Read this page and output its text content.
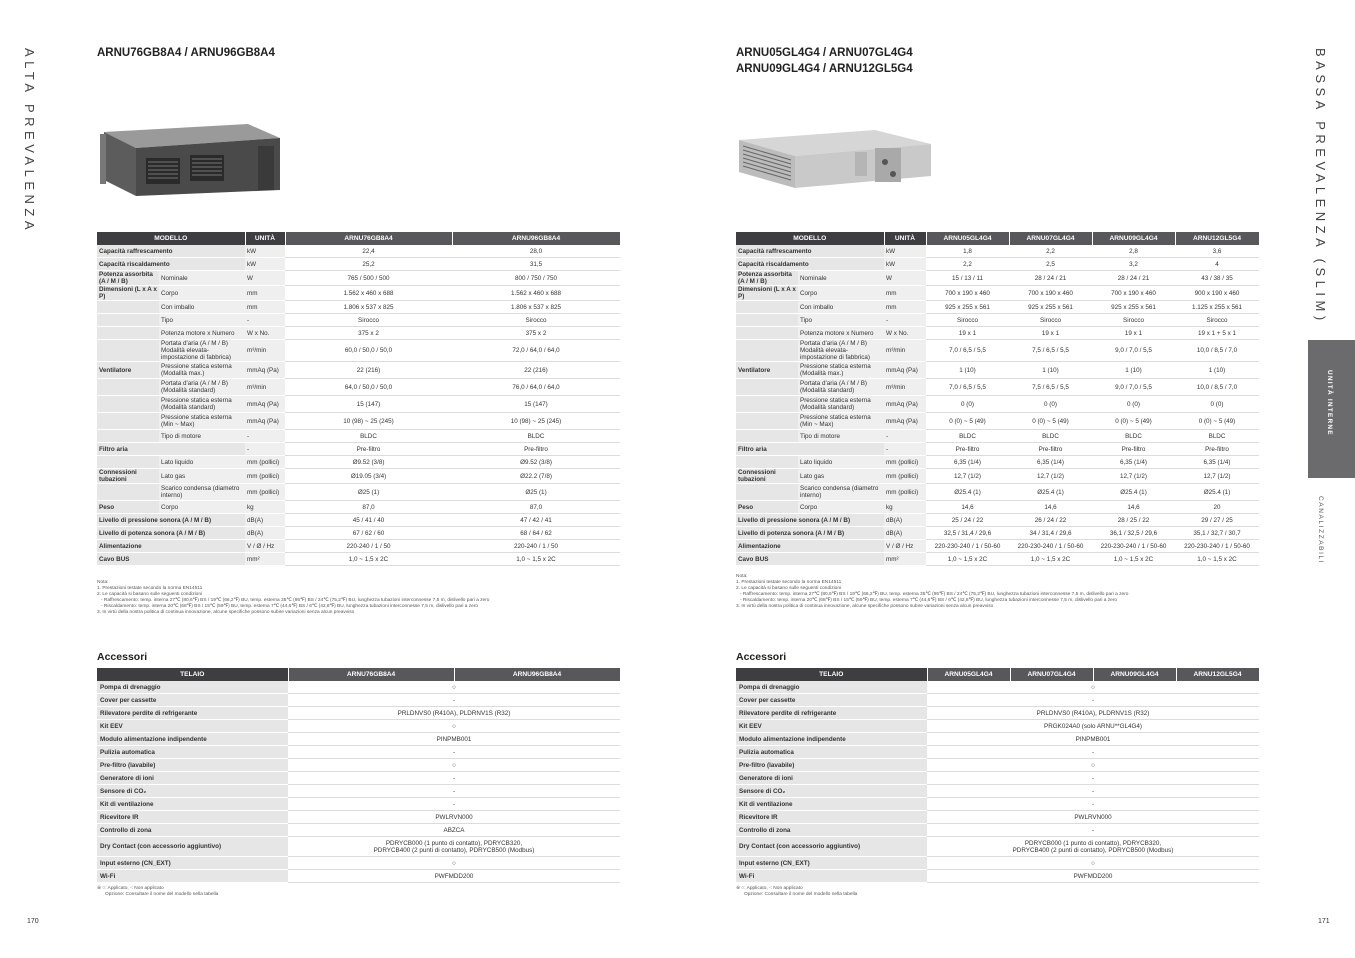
ALTA PREVALENZA	ARNU76GB8A4 / ARNU96GB8A4
MODELLO		UNITÀ	ARNU76GB8A4	ARNU96GB8A4
Capacità raffrescamento		kW	22,4	28,0
Capacità riscaldamento		kW	25,2	31,5
Potenza assorbita (A / M / B)	Nominale	W	765 / 500 / 500	800 / 750 / 750
Dimensioni (L x A x P)	Corpo	mm	1.562 x 460 x 688	1.562 x 460 x 688
	Con imballo	mm	1.806 x 537 x 825	1.806 x 537 x 825
	Tipo	-	Sirocco	Sirocco
	Potenza motore x Numero	W x No.	375 x 2	375 x 2
	Portata d'aria (A / M / B) Modalità elevata-impostazione di fabbrica)	m³/min	60,0 / 50,0 / 50,0	72,0 / 64,0 / 64,0
Ventilatore	Pressione statica esterna (Modalità max.)	mmAq (Pa)	22 (216)	22 (216)
	Portata d'aria (A / M / B) (Modalità standard)	m³/min	64,0 / 50,0 / 50,0	76,0 / 64,0 / 64,0
	Pressione statica esterna (Modalità standard)	mmAq (Pa)	15 (147)	15 (147)
	Pressione statica esterna (Min ~ Max)	mmAq (Pa)	10 (98) ~ 25 (245)	10 (98) ~ 25 (245)
	Tipo di motore	-	BLDC	BLDC
Filtro aria		-	Pre-filtro	Pre-filtro
	Lato liquido	mm (pollici)	Ø9.52 (3/8)	Ø9.52 (3/8)
Connessioni tubazioni	Lato gas	mm (pollici)	Ø19.05 (3/4)	Ø22.2 (7/8)
	Scarico condensa (diametro interno)	mm (pollici)	Ø25 (1)	Ø25 (1)
Peso	Corpo	kg	87,0	87,0
Livello di pressione sonora (A / M / B)		dB(A)	45 / 41 / 40	47 / 42 / 41
Livello di potenza sonora (A / M / B)		dB(A)	67 / 62 / 60	68 / 64 / 62
Alimentazione		V / Ø / Hz	220-240 / 1 / 50	220-240 / 1 / 50
Cavo BUS		mm²	1,0 ~ 1,5 x 2C	1,0 ~ 1,5 x 2C
Nota:
1. Prestazioni testate secondo la norma EN14511
2. Le capacità si basano sulle seguenti condizioni
- Raffrescamento: temp. interna 27℃ (80,6℉) BS / 19℃ (66,2℉) BU, temp. esterna 35℃ (95℉) BS / 24℃ (75,2℉) BU, lunghezza tubazioni interconnesse 7,5 m, dislivello pari a zero
- Riscaldamento: temp. interna 20℃ (68℉) BS / 15℃ (59℉) BU, temp. esterna 7℃ (44,6℉) BS / 6℃ (42,8℉) BU, lunghezza tubazioni interconnesse 7,5 m, dislivello pari a zero
3. In virtù della nostra politica di continua innovazione, alcune specifiche possono subire variazioni senza alcun preavviso
Accessori
TELAIO	ARNU76GB8A4	ARNU96GB8A4
Pompa di drenaggio	○	

Cover per cassette	-	

Rilevatore perdite di refrigerante	PRLDNVS0 (R410A), PLDRNV1S (R32)	

Kit EEV	○	

Modulo alimentazione indipendente	PINPMB001	

Pulizia automatica	-	

Pre-filtro (lavabile)	○	

Generatore di ioni	-	

Sensore di CO₂	-	

Kit di ventilazione	-	

Ricevitore IR	PWLRVN000	

Controllo di zona	ABZCA	

Dry Contact (con accessorio aggiuntivo)	PDRYCB000 (1 punto di contatto), PDRYCB320,
PDRYCB400 (2 punti di contatto), PDRYCB500 (Modbus)	

Input esterno (CN_EXT)	○	

Wi-Fi	PWFMDD200	
※ ○: Applicato, -: Non applicato
Opzione: Consultare il nome del modello nella tabella
170
ARNU05GL4G4 / ARNU07GL4G4
ARNU09GL4G4 / ARNU12GL5G4	BASSA PREVALENZA (SLIM)
UNITÀ INTERNE
CANALIZZABILI
MODELLO		UNITÀ	ARNU05GL4G4	ARNU07GL4G4	ARNU09GL4G4	ARNU12GL5G4
Capacità raffrescamento		kW	1,8	2,2	2,8	3,6
Capacità riscaldamento		kW	2,2	2,5	3,2	4
Potenza assorbita (A / M / B)	Nominale	W	15 / 13 / 11	28 / 24 / 21	28 / 24 / 21	43 / 38 / 35
Dimensioni (L x A x P)	Corpo	mm	700 x 190 x 460	700 x 190 x 460	700 x 190 x 460	900 x 190 x 460
	Con imballo	mm	925 x 255 x 561	925 x 255 x 561	925 x 255 x 561	1.125 x 255 x 561
	Tipo	-	Sirocco	Sirocco	Sirocco	Sirocco
	Potenza motore x Numero	W x No.	19 x 1	19 x 1	19 x 1	19 x 1 + 5 x 1
	Portata d'aria (A / M / B) Modalità elevata-impostazione di fabbrica)	m³/min	7,0 / 6,5 / 5,5	7,5 / 6,5 / 5,5	9,0 / 7,0 / 5,5	10,0 / 8,5 / 7,0
Ventilatore	Pressione statica esterna (Modalità max.)	mmAq (Pa)	1 (10)	1 (10)	1 (10)	1 (10)
	Portata d'aria (A / M / B) (Modalità standard)	m³/min	7,0 / 6,5 / 5,5	7,5 / 6,5 / 5,5	9,0 / 7,0 / 5,5	10,0 / 8,5 / 7,0
	Pressione statica esterna (Modalità standard)	mmAq (Pa)	0 (0)	0 (0)	0 (0)	0 (0)
	Pressione statica esterna (Min ~ Max)	mmAq (Pa)	0 (0) ~ 5 (49)	0 (0) ~ 5 (49)	0 (0) ~ 5 (49)	0 (0) ~ 5 (49)
	Tipo di motore	-	BLDC	BLDC	BLDC	BLDC
Filtro aria		-	Pre-filtro	Pre-filtro	Pre-filtro	Pre-filtro
	Lato liquido	mm (pollici)	6,35 (1/4)	6,35 (1/4)	6,35 (1/4)	6,35 (1/4)
Connessioni tubazioni	Lato gas	mm (pollici)	12,7 (1/2)	12,7 (1/2)	12,7 (1/2)	12,7 (1/2)
	Scarico condensa (diametro interno)	mm (pollici)	Ø25.4 (1)	Ø25.4 (1)	Ø25.4 (1)	Ø25.4 (1)
Peso	Corpo	kg	14,6	14,6	14,6	20
Livello di pressione sonora (A / M / B)		dB(A)	25 / 24 / 22	26 / 24 / 22	28 / 25 / 22	29 / 27 / 25
Livello di potenza sonora (A / M / B)		dB(A)	32,5 / 31,4 / 29,6	34 / 31,4 / 29,6	36,1 / 32,5 / 29,6	35,1 / 32,7 / 30,7
Alimentazione		V / Ø / Hz	220-230-240 / 1 / 50-60	220-230-240 / 1 / 50-60	220-230-240 / 1 / 50-60	220-230-240 / 1 / 50-60
Cavo BUS		mm²	1,0 ~ 1,5 x 2C	1,0 ~ 1,5 x 2C	1,0 ~ 1,5 x 2C	1,0 ~ 1,5 x 2C
Nota:
1. Prestazioni testate secondo la norma EN14511
2. Le capacità si basano sulle seguenti condizioni
- Raffrescamento: temp. interna 27℃ (80,6℉) BS / 19℃ (66,2℉) BU, temp. esterna 35℃ (95℉) BS / 24℃ (75,2℉) BU, lunghezza tubazioni interconnesse 7,5 m, dislivello pari a zero
- Riscaldamento: temp. interna 20℃ (68℉) BS / 15℃ (59℉) BU, temp. esterna 7℃ (44,6℉) BS / 6℃ (42,8℉) BU, lunghezza tubazioni interconnesse 7,5 m, dislivello pari a zero
3. In virtù della nostra politica di continua innovazione, alcune specifiche possono subire variazioni senza alcun preavviso
Accessori
TELAIO	ARNU05GL4G4	ARNU07GL4G4	ARNU09GL4G4	ARNU12GL5G4
Pompa di drenaggio	○			

Cover per cassette	-			

Rilevatore perdite di refrigerante	PRLDNVS0 (R410A), PLDRNV1S (R32)			

Kit EEV	PRGK024A0 (solo ARNU**GL4G4)			

Modulo alimentazione indipendente	PINPMB001			

Pulizia automatica	-			

Pre-filtro (lavabile)	○			

Generatore di ioni	-			

Sensore di CO₂	-			

Kit di ventilazione	-			

Ricevitore IR	PWLRVN000			

Controllo di zona	-			

Dry Contact (con accessorio aggiuntivo)	PDRYCB000 (1 punto di contatto), PDRYCB320,
PDRYCB400 (2 punti di contatto), PDRYCB500 (Modbus)			

Input esterno (CN_EXT)	○			

Wi-Fi	PWFMDD200			
※ ○: Applicato, -: Non applicato
Opzione: Consultare il nome del modello nella tabella
171
